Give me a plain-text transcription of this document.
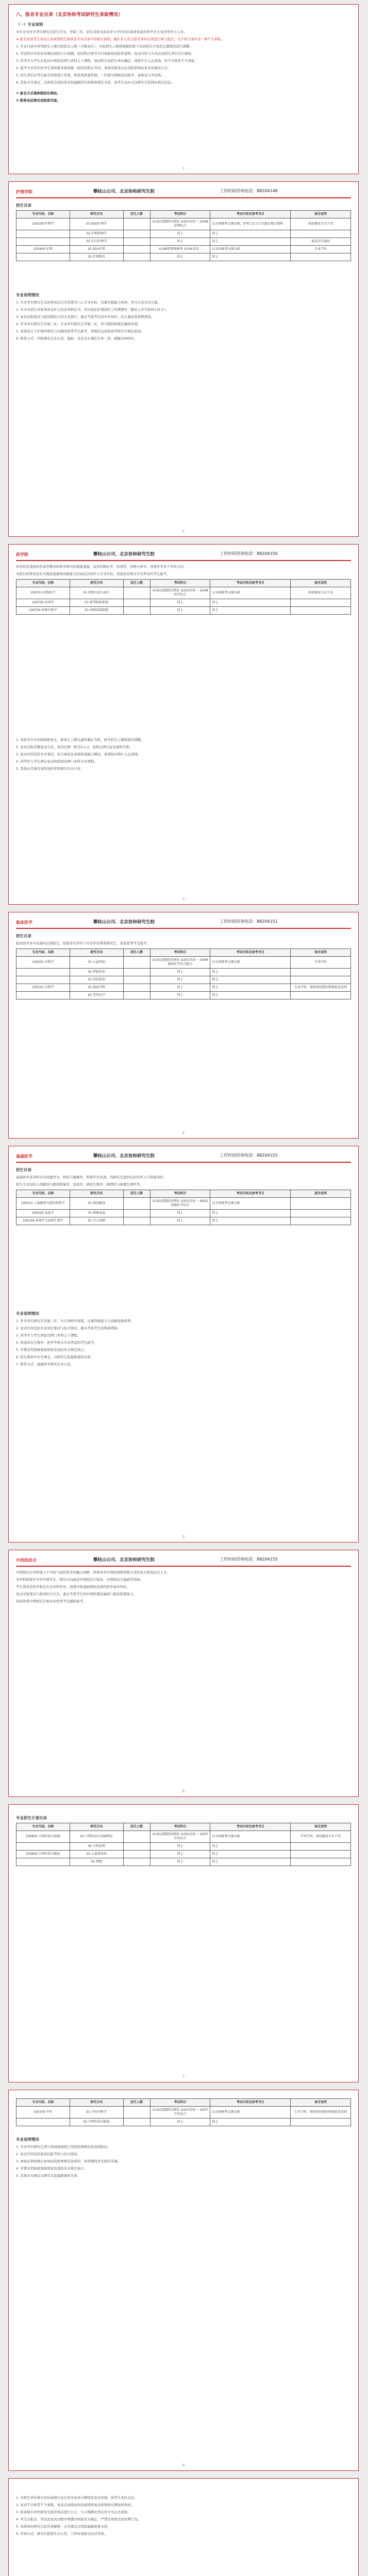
八、报名专业目录（北京协和考试研究生录取情况）
（一）专业说明
本专业为学术学位研究生招生专业，学制三年，招生对象为具有学士学位的应届或往届本科毕业生及同等学力人员。
※ 报名前请考生务必认真阅读招生简章及专业目录中的相关说明，确认本人符合报考条件后再进行网上报名，凡不符合条件者一律不予录取。
1. 专业目录中所列招生人数为拟招生人数（含推免生），实际招生人数将根据国家下达的招生计划及生源情况进行调整。
2. 考试科目中的业务课由我校自行命题，初试科目参考书目请参阅各院系说明，复试内容与方式由各招生单位另行通知。
3. 同等学力考生在复试中须加试两门本科主干课程，加试科目由招生单位确定，成绩不计入总成绩，但不合格者不予录取。
4. 报考专业学位的考生须按要求参加统一组织的相关考试，具体安排请关注各院系网站发布的通知公告。
5. 招生单位对考生报名资格进行审查，如发现弄虚作假，一经查实即取消其报考、录取及入学资格。
6. 其他未尽事宜，以国家及我校发布的最新招生政策和规定为准，请考生及时关注研究生院网站相关信息。
① 报名方式请参照招生网站。
② 联系电话请见各院系页面。
1
护理学院	攀枝山公司、北京协和研究生院	工作时间咨询电话：88204148
招生目录
专业代码、名称	研究方向	招生人数	考试科目	考试内容及参考书目	备注说明
100209 护理学	01 临床护理学		①101思想政治理论 ②201英语一 ③308护理综合	以全国统考大纲为准，参考人民卫生出版社相关教材	拟招推免生若干名
	02 护理管理学		同上	同上	
	03 社区护理学		同上	同上	复试另行通知
105400 护理	01 临床护理		①199管理类联考 ②204英语二	以全国统考大纲为准	专业学位
	02 护理教育		同上	同上	
专业说明情况
1. 专业学位研究生以培养高层次应用型专门人才为目标，注重实践能力培养，学习方式为全日制。
2. 本专业招生对象须具有护士执业资格证书，并在临床护理岗位工作满两年（截至入学当年8月31日）。
3. 复试采取笔试与面试相结合的方式进行，重点考查考生的专业知识、综合素质及科研潜质。
4. 学术学位研究生学制三年，专业学位研究生学制三年，学习期间按规定缴纳学费。
5. 欢迎有志于护理学研究与实践的优秀考生报考，详细信息请登录学院官方网站查询。
6. 联系方式：学院研究生办公室，地址：北京市东城区东单三条，邮编100005。
2
药学院	攀枝山公司、北京协和研究生院	工作时间咨询电话：88204150
药学院是我国药学高等教育和科学研究的重要基地，设有药物化学、药剂学、药物分析学、药理学等多个学科方向。
本院以培养具有扎实理论基础和创新能力的高层次药学人才为目标，欢迎具有相关专业背景的考生报考。
专业代码、名称	研究方向	招生人数	考试科目	考试内容及参考书目	备注说明
100701 药物化学	01 药物合成与设计		①101思想政治理论 ②201英语一 ③349药学综合	以全国统考大纲为准	拟招推免生若干名
100702 药剂学	01 新型给药系统		同上	同上	
100704 药物分析学	01 药物质量控制		同上	同上	
1. 本院各专业均接收推免生，推免生人数以最终确认为准，统考招生人数将相应调整。
2. 复试采取差额复试方式，复试比例一般为1:1.2，具体比例以复试通知为准。
3. 复试内容包括专业笔试、综合面试及英语听说能力测试，成绩按比例计入总成绩。
4. 同等学力考生须在复试阶段加试两门本科专业课程。
5. 其他未尽事宜请咨询药学院研究生办公室。
3
临床医学	攀枝山公司、北京协和研究生院	工作时间咨询电话：88204151
招生目录
临床医学各专业面向全国招生，招收学术学位与专业学位两类研究生，欢迎优秀考生报考。
专业代码、名称	研究方向	招生人数	考试科目	考试内容及参考书目	备注说明
100201 内科学	01 心血管病		①101思想政治理论 ②201英语一 ③306临床医学综合能力	以全国统考大纲为准	学术学位
	02 呼吸系病		同上	同上	
	03 消化系病		同上	同上	
105101 内科学	01 临床内科		同上	同上	专业学位，须参加住院医师规范化培训
	02 老年医学		同上	同上	
4
基础医学	攀枝山公司、北京协和研究生院	工作时间咨询电话：88204153
招生目录
基础医学各学科方向设置齐全，师资力量雄厚，科研平台先进，为研究生提供良好的学习与科研条件。
招生专业包括人体解剖与组织胚胎学、免疫学、病原生物学、病理学与病理生理学等。
专业代码、名称	研究方向	招生人数	考试科目	考试内容及参考书目	备注说明
100101 人体解剖与组织胚胎学	01 神经解剖		①101思想政治理论 ②201英语一 ③652基础医学综合	以全国统考大纲为准	
100102 免疫学	01 肿瘤免疫		同上	同上	
100104 病理学与病理生理学	01 分子病理		同上	同上	
专业说明情况
1. 学术学位研究生学制三年，实行导师负责制，注重科研能力与创新思维培养。
2. 复试内容包括专业知识笔试与综合面试，重点考查考生的科研潜质。
3. 同等学力考生须加试两门本科主干课程。
4. 欢迎具有生物学、医学等相关专业背景的考生报考。
5. 学费及奖助政策按国家及我校有关规定执行。
6. 招生简章中未尽事宜，以研究生院最新通知为准。
7. 联系方式：基础医学研究生办公室。
5
中西医结合	攀枝山公司、北京协和研究生院	工作时间咨询电话：88204155
中西医结合学科致力于中医与现代医学的融合创新，培养具有中西医两种思维方式的复合型高层次人才。
本学科招收学术学位研究生，研究方向涵盖中西医结合临床、中西医结合基础等领域。
考生须具有医学相关专业本科学历，熟悉中医基础理论及现代医学基本知识。
复试采取笔试与面试结合方式，重点考查考生的中西医理论基础与临床思维能力。
欢迎热爱中西医结合事业的优秀考生踊跃报考。
6
专业招生计划目录
专业代码、名称	研究方向	招生人数	考试科目	考试内容及参考书目	备注说明
100601 中西医结合基础	01 中西医结合基础理论		①101思想政治理论 ②201英语一 ③307中医综合	以全国统考大纲为准	学术学位，拟招推免生若干名
	02 中药药理		同上	同上	
100602 中西医结合临床	01 心血管疾病		同上	同上	
	02 肿瘤		同上	同上	
7
专业代码、名称	研究方向	招生人数	考试科目	考试内容及参考书目	备注说明
105700 中医	01 中医内科学		①101思想政治理论 ②201英语一 ③307中医综合	以全国统考大纲为准	专业学位，须参加住院医师规范化培训
	02 中西医结合临床		同上	同上	
专业说明情况
1. 专业学位研究生须与培训基地签订住院医师规范化培训协议。
2. 复试内容包括临床技能考核与综合面试。
3. 录取后须按规定参加住院医师规范化培训，培训期间享受相应待遇。
4. 学费及奖助政策按国家及我校有关规定执行。
5. 其他未尽事宜以研究生院最新通知为准。
8
1. 各招生单位将在初试成绩公布后发布复试分数线及复试安排，请考生及时关注。
2. 复试不合格者不予录取，复试总成绩由初试成绩和复试成绩按比例加权构成。
3. 拟录取名单经研究生院审核后进行公示，公示期满无异议者方可正式录取。
4. 考生在报名、考试及复试过程中须遵守国家有关规定，严禁任何形式的作弊行为。
5. 本简章由研究生院负责解释，未尽事宜以国家最新政策为准。
6. 咨询方式：研究生院招生办公室，工作时间接受电话咨询。
